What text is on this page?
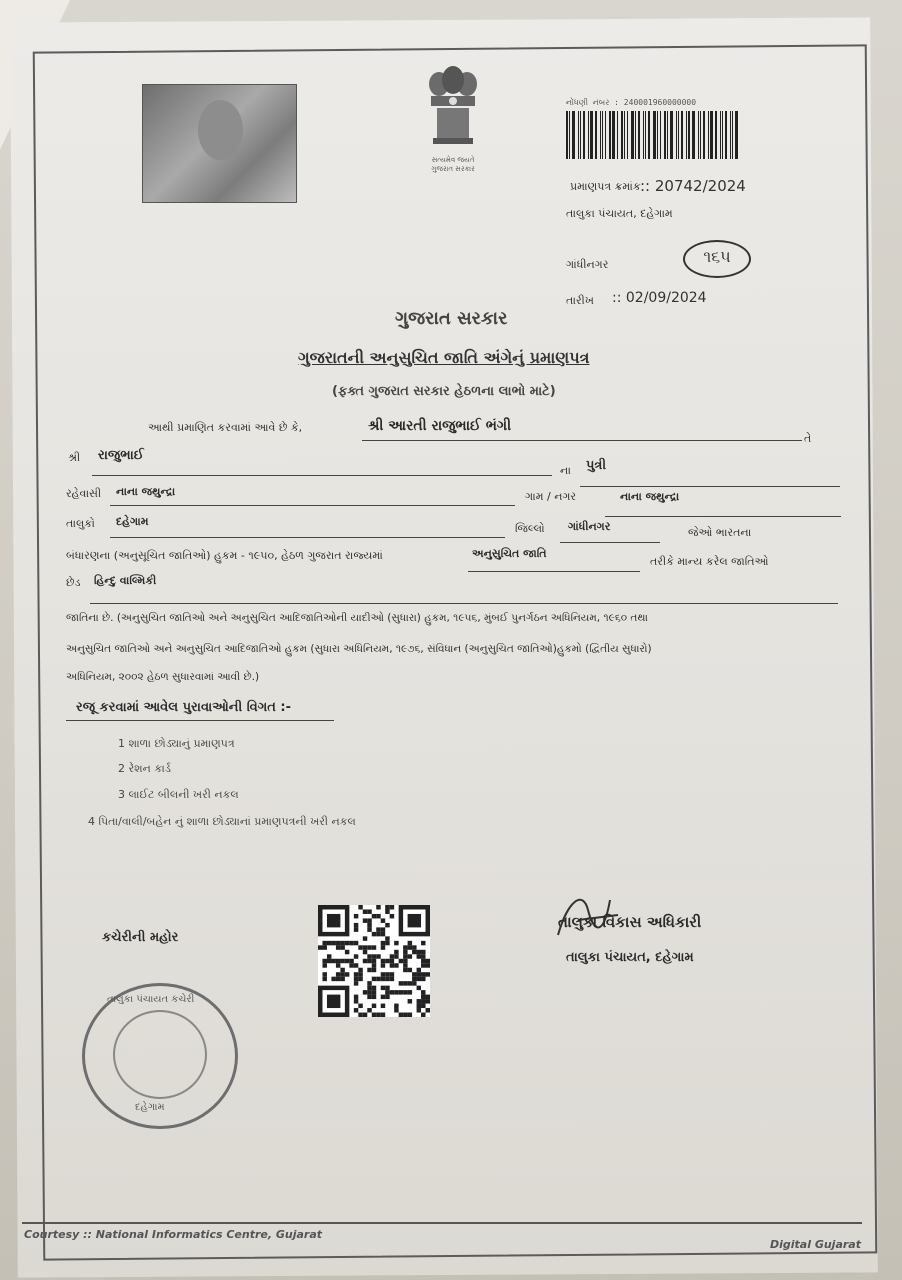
સત્યમેવ જયતે
ગુજરાત સરકાર
નોંધણી નંબર : 240001960000000
પ્રમાણપત્ર ક્રમાંક :: 20742/2024
તાલુકા પંચાયત, દહેગામ
ગાંધીનગર	૧૬૫
તારીખ :: 02/09/2024
ગુજરાત સરકાર
ગુજરાતની અનુસુચિત જાતિ અંગેનું પ્રમાણપત્ર
(ફક્ત ગુજરાત સરકાર હેઠળના લાભો માટે)
આથી પ્રમાણિત કરવામાં આવે છે કે,	શ્રી આરતી રાજુભાઈ ભંગી
તે
શ્રી રાજુભાઈ
ના પુત્રી
રહેવાસી નાના જથુન્દ્રા	ગામ / નગર	નાના જથુન્દ્રા
તાલુકો દહેગામ
જિલ્લો ગાંધીનગર	જેઓ ભારતના
બંધારણના (અનુસૂચિત જાતિઓ) હુકમ - ૧૯૫૦, હેઠળ ગુજરાત રાજ્યમાં	અનુસુચિત જાતિ
તરીકે માન્ય કરેલ જાતિઓ
છેડ હિન્દુ વાલ્મિકી
જાતિના છે. (અનુસુચિત જાતિઓ અને અનુસુચિત આદિજાતિઓની યાદીઓ (સુધારા) હુકમ, ૧૯૫૬, મુંબઈ પુનર્ગઠન અધિનિયમ, ૧૯૬૦ તથા
અનુસુચિત જાતિઓ અને અનુસુચિત આદિજાતિઓ હુકમ (સુધારા અધિનિયમ, ૧૯૭૬, સંવિધાન (અનુસુચિત જાતિઓ)હુકમો (દ્વિતીય સુધારો)
અધિનિયમ, ૨૦૦૨ હેઠળ સુધારવામાં આવી છે.)
રજૂ કરવામાં આવેલ પુરાવાઓની વિગત :-
1 શાળા છોડ્યાનું પ્રમાણપત્ર
2 રેશન કાર્ડ
3 લાઈટ બીલની ખરી નકલ
4 પિતા/વાલી/બહેન નું શાળા છોડ્યાનાં પ્રમાણપત્રની ખરી નકલ
કચેરીની મહોર
તાલુકા પંચાયત કચેરી
દહેગામ
તાલુકા વિકાસ અધિકારી
તાલુકા પંચાયત, દહેગામ
Courtesy :: National Informatics Centre, Gujarat
Digital Gujarat
